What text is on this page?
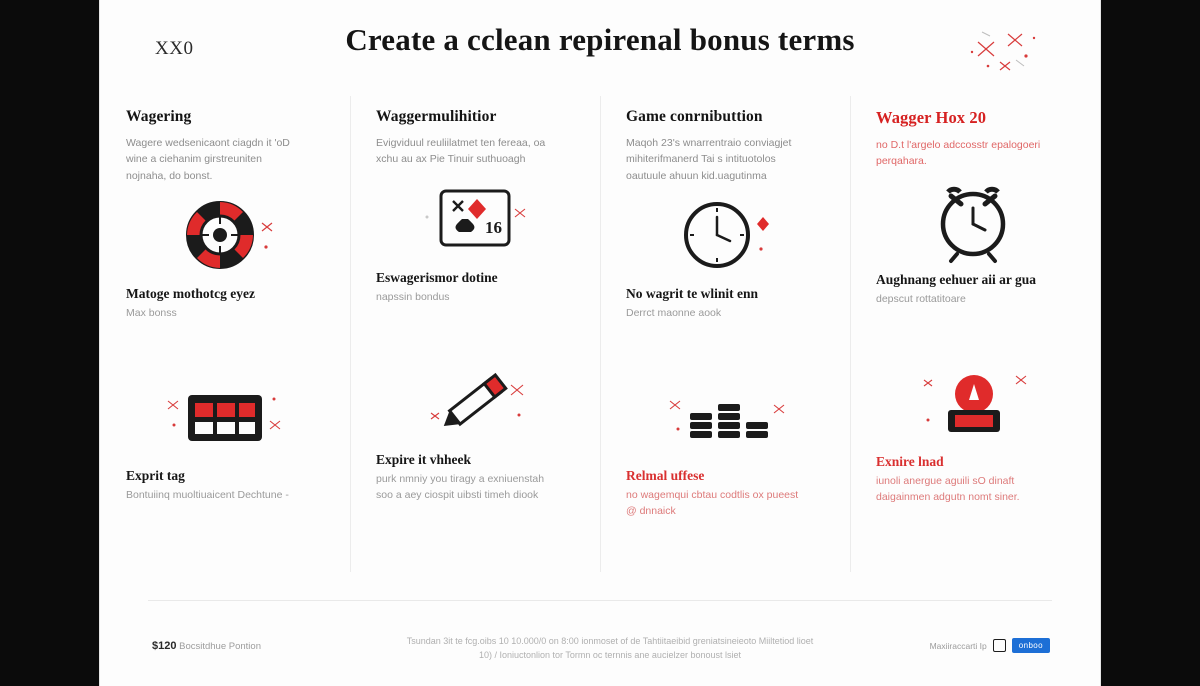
XX0	Create a cclean repirenal bonus terms
Wagering
Wagere wedsenicaont ciagdn it 'oD wine a ciehanim girstreuniten nojnaha, do bonst.
Matoge mothotcg eyez
Max bonss
Exprit tag
Bontuiinq muoltiuaicent Dechtune -
Waggermulihitior
Evigviduul reuliilatmet ten fereaa, oa xchu au ax Pie Tinuir suthuoagh
16
Eswagerismor dotine
napssin bondus
Expire it vhheek
purk nmniy you tiragy a exniuenstah soo a aey ciospit uibsti timeh diook
Game conrnibuttion
Maqoh 23's wnarrentraio conviagjet mihiterifmanerd Tai s intituotolos oautuule ahuun kid.uagutinma
No wagrit te wlinit enn
Derrct maonne aook
Relmal uffese
no wagemqui cbtau codtlis ox pueest @ dnnaick
Wagger Hox 20
no D.t l'argelo adccosstr epalogoeri perqahara.
Aughnang eehuer aii ar gua
depscut rottatitoare
Exnire lnad
iunoli anergue aguili sO dinaft daigainmen adgutn nomt siner.
$120 Bocsitdhue Pontion	Tsundan 3it te fcg.oibs 10 10.000/0 on 8:00 ionmoset of de Tahtiitaeibid greniatsineieoto Miiltetiod lioet
10) / Ioniuctonlion tor Tormn oc ternnis ane aucielzer bonoust lsiet
Maxiiraccarti Ip	onboo
